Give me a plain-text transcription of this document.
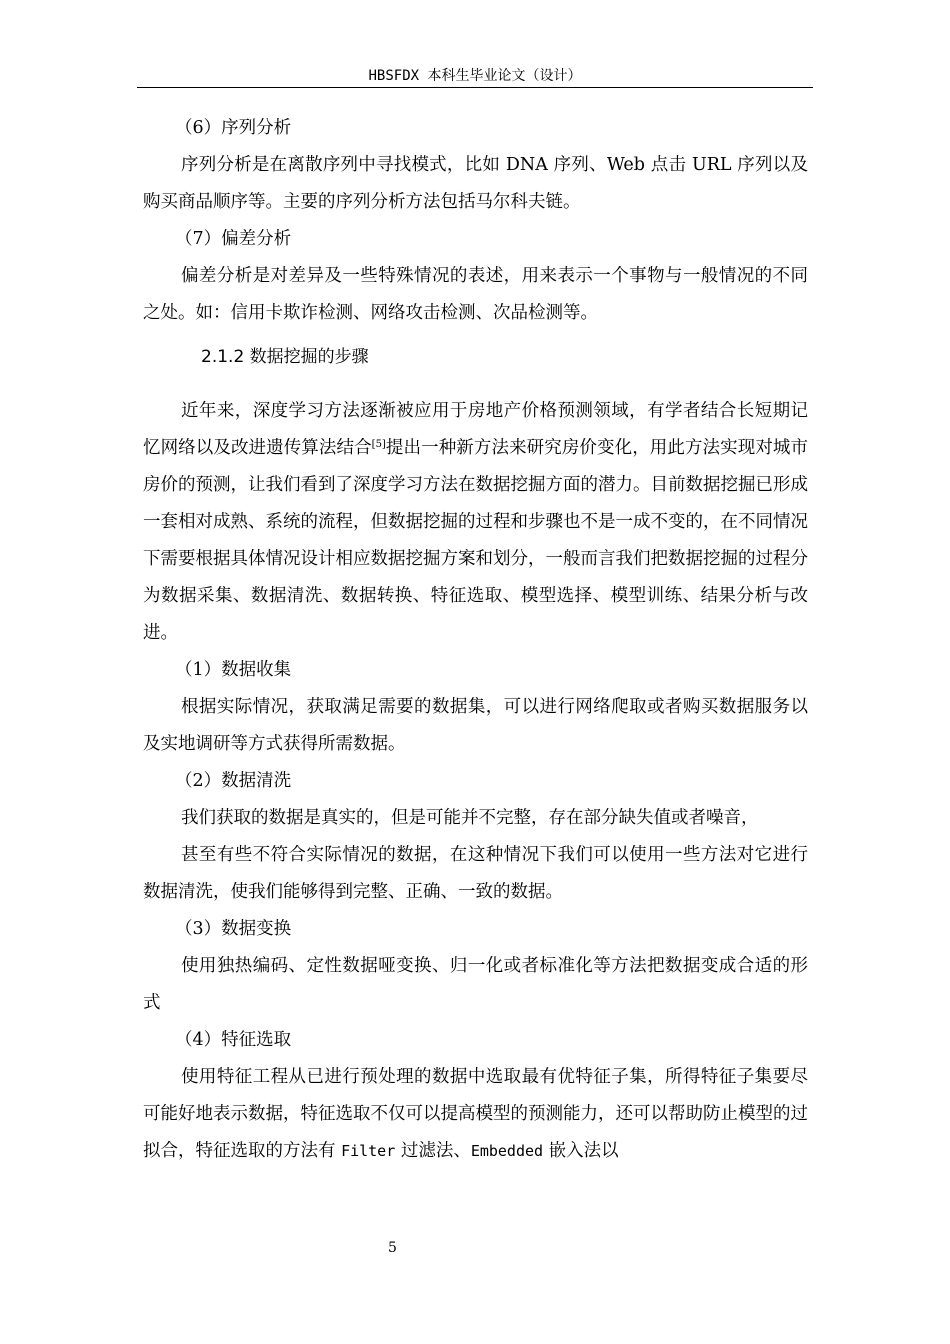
HBSFDX 本科生毕业论文（设计）

（6）序列分析

序列分析是在离散序列中寻找模式，比如 DNA 序列、Web 点击 URL 序列以及购买商品顺序等。主要的序列分析方法包括马尔科夫链。

（7）偏差分析

偏差分析是对差异及一些特殊情况的表述，用来表示一个事物与一般情况的不同之处。如：信用卡欺诈检测、网络攻击检测、次品检测等。

2.1.2 数据挖掘的步骤

近年来，深度学习方法逐渐被应用于房地产价格预测领域，有学者结合长短期记忆网络以及改进遗传算法结合[5]提出一种新方法来研究房价变化，用此方法实现对城市房价的预测，让我们看到了深度学习方法在数据挖掘方面的潜力。目前数据挖掘已形成一套相对成熟、系统的流程，但数据挖掘的过程和步骤也不是一成不变的，在不同情况下需要根据具体情况设计相应数据挖掘方案和划分，一般而言我们把数据挖掘的过程分为数据采集、数据清洗、数据转换、特征选取、模型选择、模型训练、结果分析与改进。

（1）数据收集

根据实际情况，获取满足需要的数据集，可以进行网络爬取或者购买数据服务以及实地调研等方式获得所需数据。

（2）数据清洗

我们获取的数据是真实的，但是可能并不完整，存在部分缺失值或者噪音，

甚至有些不符合实际情况的数据，在这种情况下我们可以使用一些方法对它进行数据清洗，使我们能够得到完整、正确、一致的数据。

（3）数据变换

使用独热编码、定性数据哑变换、归一化或者标准化等方法把数据变成合适的形式

（4）特征选取

使用特征工程从已进行预处理的数据中选取最有优特征子集，所得特征子集要尽可能好地表示数据，特征选取不仅可以提高模型的预测能力，还可以帮助防止模型的过拟合，特征选取的方法有 Filter 过滤法、Embedded 嵌入法以

5
